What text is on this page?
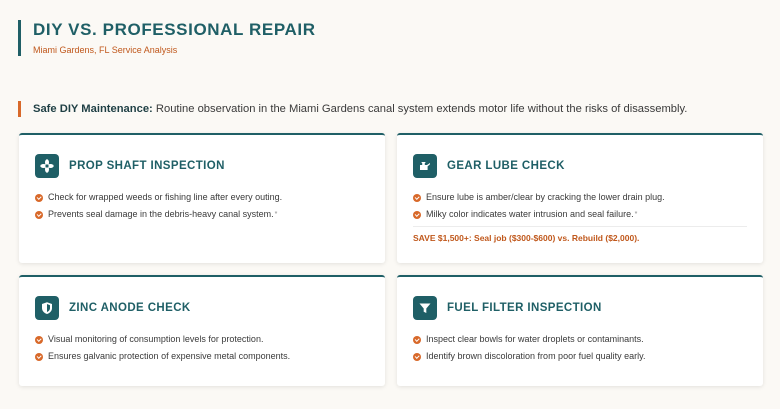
DIY VS. PROFESSIONAL REPAIR
Miami Gardens, FL Service Analysis
Safe DIY Maintenance: Routine observation in the Miami Gardens canal system extends motor life without the risks of disassembly.
PROP SHAFT INSPECTION
Check for wrapped weeds or fishing line after every outing.
Prevents seal damage in the debris-heavy canal system. *
GEAR LUBE CHECK
Ensure lube is amber/clear by cracking the lower drain plug.
Milky color indicates water intrusion and seal failure. *
SAVE $1,500+: Seal job ($300-$600) vs. Rebuild ($2,000).
ZINC ANODE CHECK
Visual monitoring of consumption levels for protection.
Ensures galvanic protection of expensive metal components.
FUEL FILTER INSPECTION
Inspect clear bowls for water droplets or contaminants.
Identify brown discoloration from poor fuel quality early.
